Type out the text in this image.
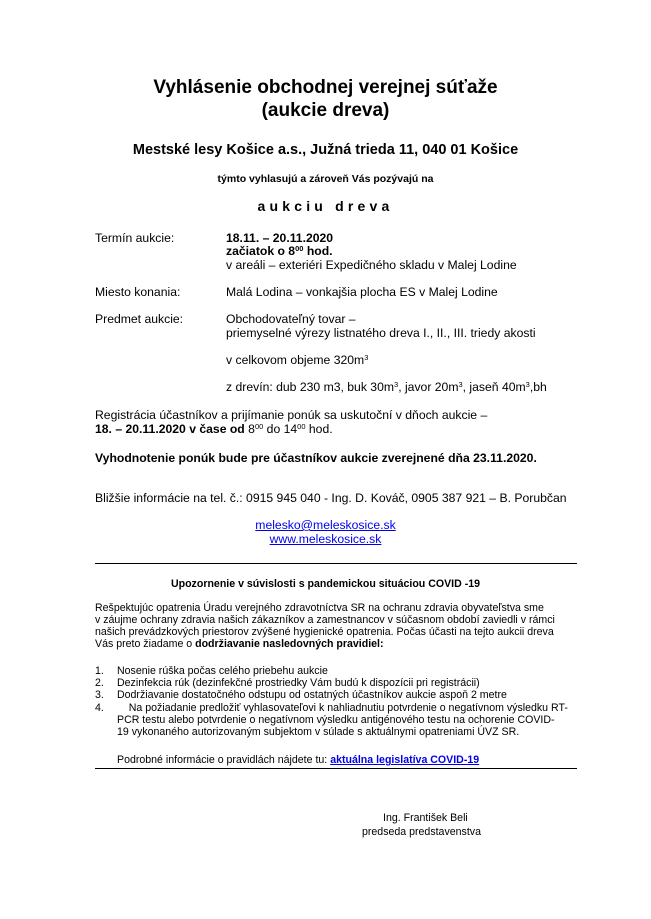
Vyhlásenie obchodnej verejnej súťaže
(aukcie dreva)
Mestské lesy Košice a.s., Južná trieda 11, 040 01 Košice
týmto vyhlasujú a zároveň Vás pozývajú na
aukciu dreva
Termín aukcie:	18.11. – 20.11.2020
začiatok o $8^{00}$ hod.
v areáli – exteriéri Expedičného skladu v Malej Lodine
Miesto konania:	Malá Lodina – vonkajšia plocha ES v Malej Lodine
Predmet aukcie:	Obchodovateľný tovar –
priemyselné výrezy listnatého dreva I., II., III. triedy akosti
v celkovom objeme $320m^3$
z drevín: dub 230 m3, buk $30m^3$, javor $20m^3$, jaseň $40m^3,bh$
Registrácia účastníkov a prijímanie ponúk sa uskutoční v dňoch aukcie –
18. – 20.11.2020 v čase od $8^{00}$ do $14^{00}$ hod.
Vyhodnotenie ponúk bude pre účastníkov aukcie zverejnené dňa 23.11.2020.
Bližšie informácie na tel. č.: 0915 945 040 - Ing. D. Kováč, 0905 387 921 – B. Porubčan
melesko@meleskosice.sk
www.meleskosice.sk
Upozornenie v súvislosti s pandemickou situáciou COVID -19
Rešpektujúc opatrenia Úradu verejného zdravotníctva SR na ochranu zdravia obyvateľstva sme
v záujme ochrany zdravia našich zákazníkov a zamestnancov v súčasnom období zaviedli v rámci
našich prevádzkových priestorov zvýšené hygienické opatrenia. Počas účasti na tejto aukcii dreva
Vás preto žiadame o dodržiavanie nasledovných pravidiel:
1. Nosenie rúška počas celého priebehu aukcie
2. Dezinfekcia rúk (dezinfekčné prostriedky Vám budú k dispozícii pri registrácii)
3. Dodržiavanie dostatočného odstupu od ostatných účastníkov aukcie aspoň 2 metre
4. Na požiadanie predložiť vyhlasovateľovi k nahliadnutiu potvrdenie o negatívnom výsledku RT-
PCR testu alebo potvrdenie o negatívnom výsledku antigénového testu na ochorenie COVID-
19 vykonaného autorizovaným subjektom v súlade s aktuálnymi opatreniami ÚVZ SR.
Podrobné informácie o pravidlách nájdete tu: aktuálna legislatíva COVID-19
Ing. František Beli
predseda predstavenstva
